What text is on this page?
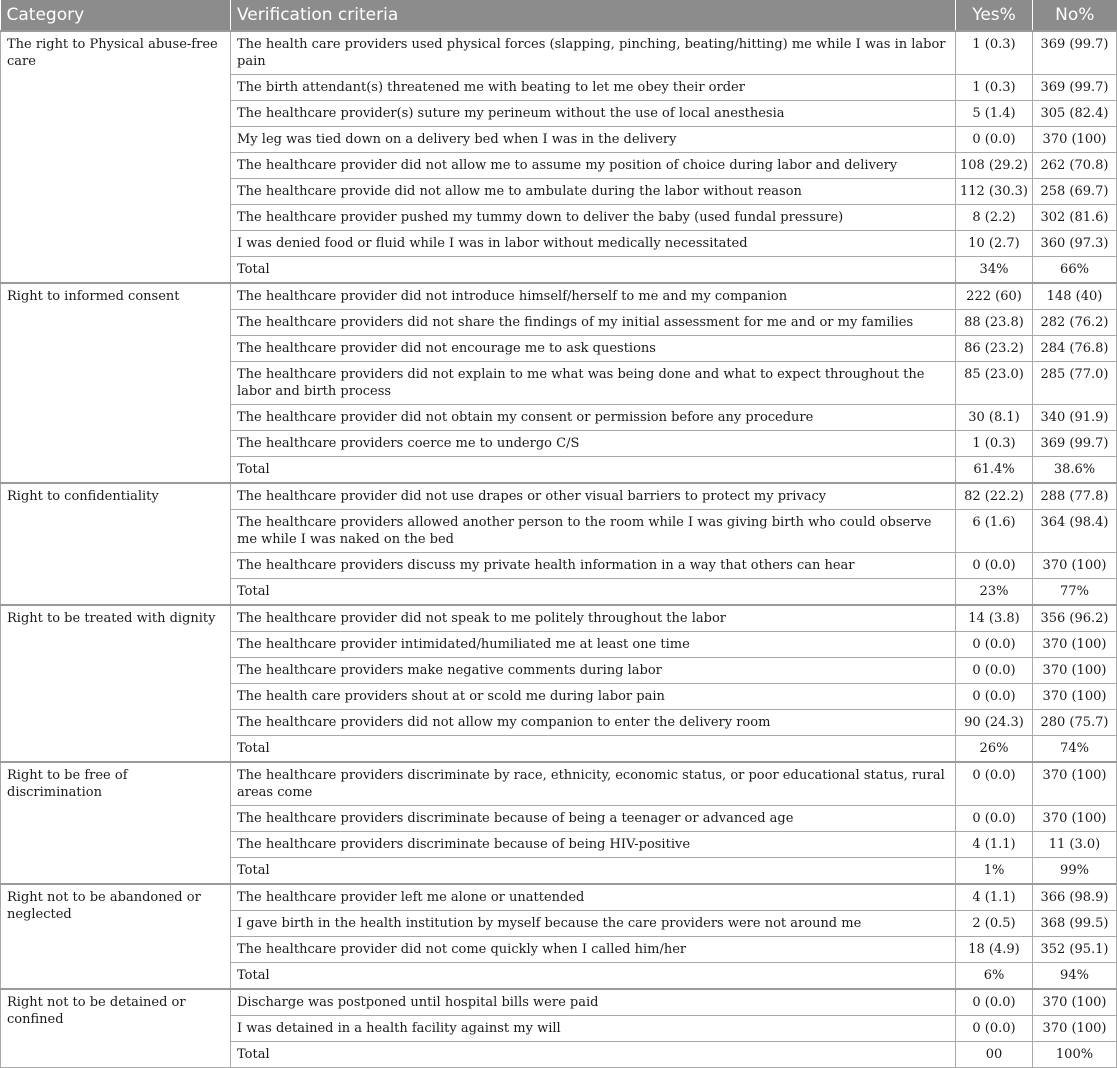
Category	Verification criteria	Yes%	No%
The right to Physical abuse-free care	The health care providers used physical forces (slapping, pinching, beating/hitting) me while I was in labor pain	1 (0.3)	369 (99.7)
	The birth attendant(s) threatened me with beating to let me obey their order	1 (0.3)	369 (99.7)
	The healthcare provider(s) suture my perineum without the use of local anesthesia	5 (1.4)	305 (82.4)
	My leg was tied down on a delivery bed when I was in the delivery	0 (0.0)	370 (100)
	The healthcare provider did not allow me to assume my position of choice during labor and delivery	108 (29.2)	262 (70.8)
	The healthcare provide did not allow me to ambulate during the labor without reason	112 (30.3)	258 (69.7)
	The healthcare provider pushed my tummy down to deliver the baby (used fundal pressure)	8 (2.2)	302 (81.6)
	I was denied food or fluid while I was in labor without medically necessitated	10 (2.7)	360 (97.3)
	Total	34%	66%
Right to informed consent	The healthcare provider did not introduce himself/herself to me and my companion	222 (60)	148 (40)
	The healthcare providers did not share the findings of my initial assessment for me and or my families	88 (23.8)	282 (76.2)
	The healthcare provider did not encourage me to ask questions	86 (23.2)	284 (76.8)
	The healthcare providers did not explain to me what was being done and what to expect throughout the labor and birth process	85 (23.0)	285 (77.0)
	The healthcare provider did not obtain my consent or permission before any procedure	30 (8.1)	340 (91.9)
	The healthcare providers coerce me to undergo C/S	1 (0.3)	369 (99.7)
	Total	61.4%	38.6%
Right to confidentiality	The healthcare provider did not use drapes or other visual barriers to protect my privacy	82 (22.2)	288 (77.8)
	The healthcare providers allowed another person to the room while I was giving birth who could observe me while I was naked on the bed	6 (1.6)	364 (98.4)
	The healthcare providers discuss my private health information in a way that others can hear	0 (0.0)	370 (100)
	Total	23%	77%
Right to be treated with dignity	The healthcare provider did not speak to me politely throughout the labor	14 (3.8)	356 (96.2)
	The healthcare provider intimidated/humiliated me at least one time	0 (0.0)	370 (100)
	The healthcare providers make negative comments during labor	0 (0.0)	370 (100)
	The health care providers shout at or scold me during labor pain	0 (0.0)	370 (100)
	The healthcare providers did not allow my companion to enter the delivery room	90 (24.3)	280 (75.7)
	Total	26%	74%
Right to be free of discrimination	The healthcare providers discriminate by race, ethnicity, economic status, or poor educational status, rural areas come	0 (0.0)	370 (100)
	The healthcare providers discriminate because of being a teenager or advanced age	0 (0.0)	370 (100)
	The healthcare providers discriminate because of being HIV-positive	4 (1.1)	11 (3.0)
	Total	1%	99%
Right not to be abandoned or neglected	The healthcare provider left me alone or unattended	4 (1.1)	366 (98.9)
	I gave birth in the health institution by myself because the care providers were not around me	2 (0.5)	368 (99.5)
	The healthcare provider did not come quickly when I called him/her	18 (4.9)	352 (95.1)
	Total	6%	94%
Right not to be detained or confined	Discharge was postponed until hospital bills were paid	0 (0.0)	370 (100)
	I was detained in a health facility against my will	0 (0.0)	370 (100)
	Total	00	100%
